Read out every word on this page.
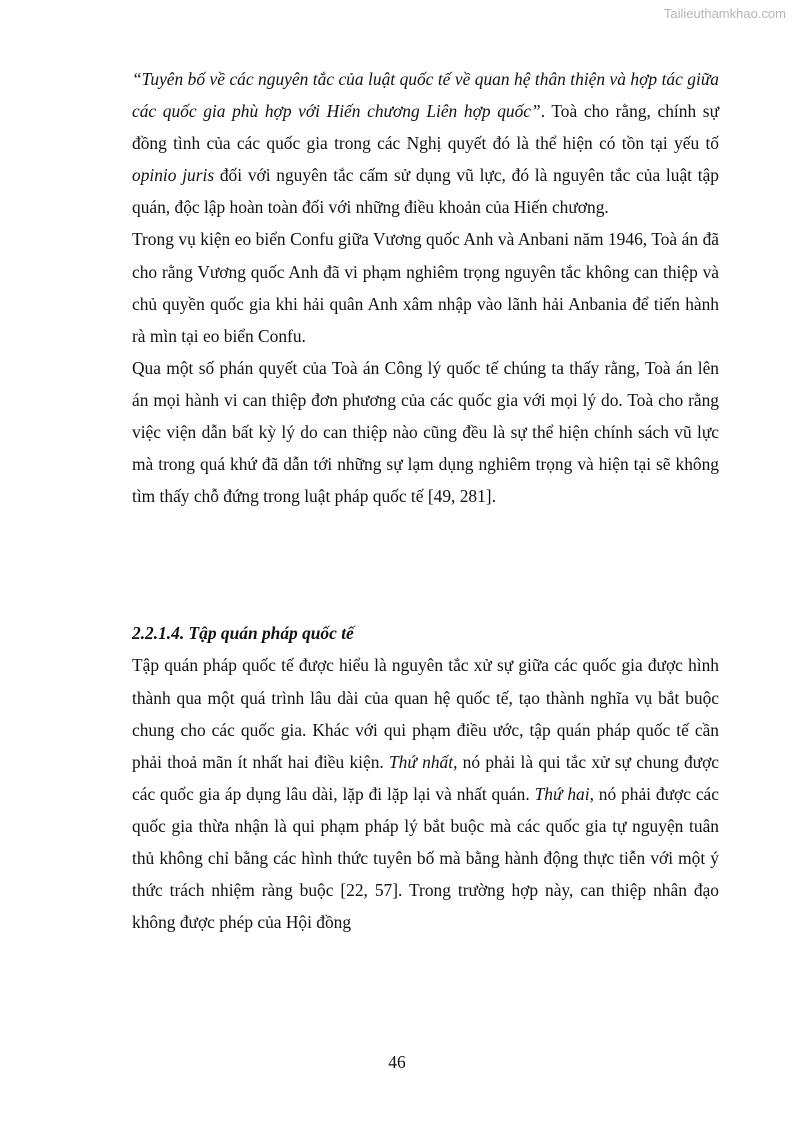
Tailieuthamkhao.com

“Tuyên bố về các nguyên tắc của luật quốc tế về quan hệ thân thiện và hợp tác giữa các quốc gia phù hợp với Hiến chương Liên hợp quốc”. Toà cho rằng, chính sự đồng tình của các quốc gia trong các Nghị quyết đó là thể hiện có tồn tại yếu tố opinio juris đối với nguyên tắc cấm sử dụng vũ lực, đó là nguyên tắc của luật tập quán, độc lập hoàn toàn đối với những điều khoản của Hiến chương.

Trong vụ kiện eo biển Confu giữa Vương quốc Anh và Anbani năm 1946, Toà án đã cho rằng Vương quốc Anh đã vi phạm nghiêm trọng nguyên tắc không can thiệp và chủ quyền quốc gia khi hải quân Anh xâm nhập vào lãnh hải Anbania để tiến hành rà mìn tại eo biển Confu.

Qua một số phán quyết của Toà án Công lý quốc tế chúng ta thấy rằng, Toà án lên án mọi hành vi can thiệp đơn phương của các quốc gia với mọi lý do. Toà cho rằng việc viện dẫn bất kỳ lý do can thiệp nào cũng đều là sự thể hiện chính sách vũ lực mà trong quá khứ đã dẫn tới những sự lạm dụng nghiêm trọng và hiện tại sẽ không tìm thấy chỗ đứng trong luật pháp quốc tế [49, 281].

2.2.1.4. Tập quán pháp quốc tế

Tập quán pháp quốc tế được hiểu là nguyên tắc xử sự giữa các quốc gia được hình thành qua một quá trình lâu dài của quan hệ quốc tế, tạo thành nghĩa vụ bắt buộc chung cho các quốc gia. Khác với qui phạm điều ước, tập quán pháp quốc tế cần phải thoả mãn ít nhất hai điều kiện. Thứ nhất, nó phải là qui tắc xử sự chung được các quốc gia áp dụng lâu dài, lặp đi lặp lại và nhất quán. Thứ hai, nó phải được các quốc gia thừa nhận là qui phạm pháp lý bắt buộc mà các quốc gia tự nguyện tuân thủ không chỉ bằng các hình thức tuyên bố mà bằng hành động thực tiễn với một ý thức trách nhiệm ràng buộc [22, 57]. Trong trường hợp này, can thiệp nhân đạo không được phép của Hội đồng

46
